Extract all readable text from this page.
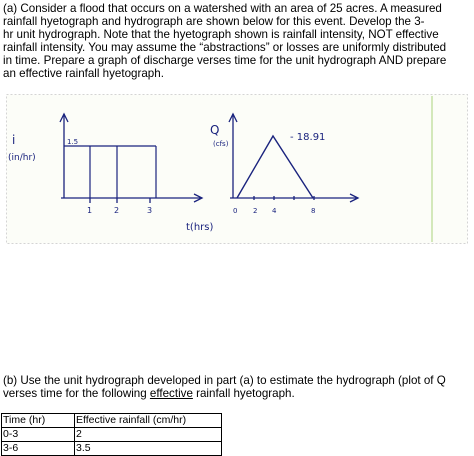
(a) Consider a flood that occurs on a watershed with an area of 25 acres. A measured
rainfall hyetograph and hydrograph are shown below for this event. Develop the 3-
hr unit hydrograph. Note that the hyetograph shown is rainfall intensity, NOT effective
rainfall intensity. You may assume the “abstractions” or losses are uniformly distributed
in time. Prepare a graph of discharge verses time for the unit hydrograph AND prepare
an effective rainfall hyetograph.
i
(in/hr)
1.5
1	2	3
Q
(cfs)
- 18.91
0 2 4	8
t(hrs)
(b) Use the unit hydrograph developed in part (a) to estimate the hydrograph (plot of Q
verses time for the following effective rainfall hyetograph.
Time (hr)	Effective rainfall (cm/hr)
0-3	2
3-6	3.5
